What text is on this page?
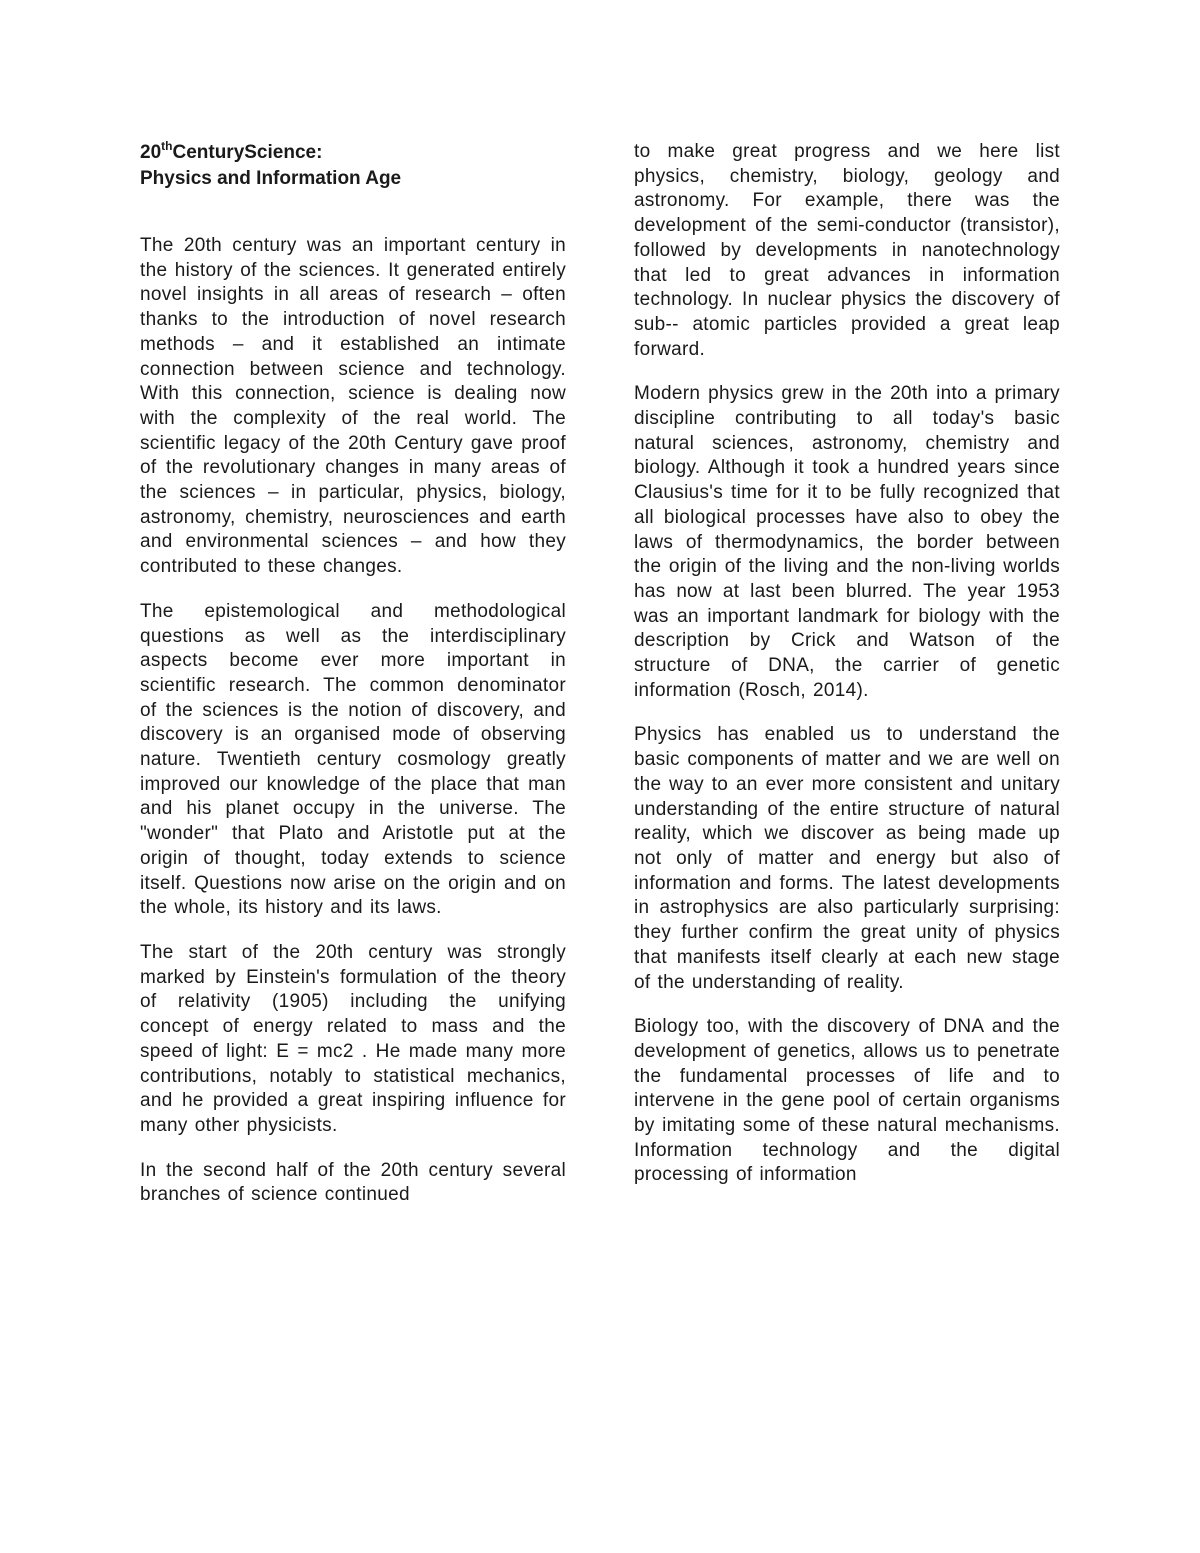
20thCenturyScience:
Physics and Information Age

The 20th century was an important century in the history of the sciences. It generated entirely novel insights in all areas of research – often thanks to the introduction of novel research methods – and it established an intimate connection between science and technology. With this connection, science is dealing now with the complexity of the real world. The scientific legacy of the 20th Century gave proof of the revolutionary changes in many areas of the sciences – in particular, physics, biology, astronomy, chemistry, neurosciences and earth and environmental sciences – and how they contributed to these changes.

The epistemological and methodological questions as well as the interdisciplinary aspects become ever more important in scientific research. The common denominator of the sciences is the notion of discovery, and discovery is an organised mode of observing nature. Twentieth century cosmology greatly improved our knowledge of the place that man and his planet occupy in the universe. The "wonder" that Plato and Aristotle put at the origin of thought, today extends to science itself. Questions now arise on the origin and on the whole, its history and its laws.

The start of the 20th century was strongly marked by Einstein's formulation of the theory of relativity (1905) including the unifying concept of energy related to mass and the speed of light: E = mc2 . He made many more contributions, notably to statistical mechanics, and he provided a great inspiring influence for many other physicists.

In the second half of the 20th century several branches of science continued

to make great progress and we here list physics, chemistry, biology, geology and astronomy. For example, there was the development of the semi-conductor (transistor), followed by developments in nanotechnology that led to great advances in information technology. In nuclear physics the discovery of sub-- atomic particles provided a great leap forward.

Modern physics grew in the 20th into a primary discipline contributing to all today's basic natural sciences, astronomy, chemistry and biology. Although it took a hundred years since Clausius's time for it to be fully recognized that all biological processes have also to obey the laws of thermodynamics, the border between the origin of the living and the non-living worlds has now at last been blurred. The year 1953 was an important landmark for biology with the description by Crick and Watson of the structure of DNA, the carrier of genetic information (Rosch, 2014).

Physics has enabled us to understand the basic components of matter and we are well on the way to an ever more consistent and unitary understanding of the entire structure of natural reality, which we discover as being made up not only of matter and energy but also of information and forms. The latest developments in astrophysics are also particularly surprising: they further confirm the great unity of physics that manifests itself clearly at each new stage of the understanding of reality.

Biology too, with the discovery of DNA and the development of genetics, allows us to penetrate the fundamental processes of life and to intervene in the gene pool of certain organisms by imitating some of these natural mechanisms. Information technology and the digital processing of information
